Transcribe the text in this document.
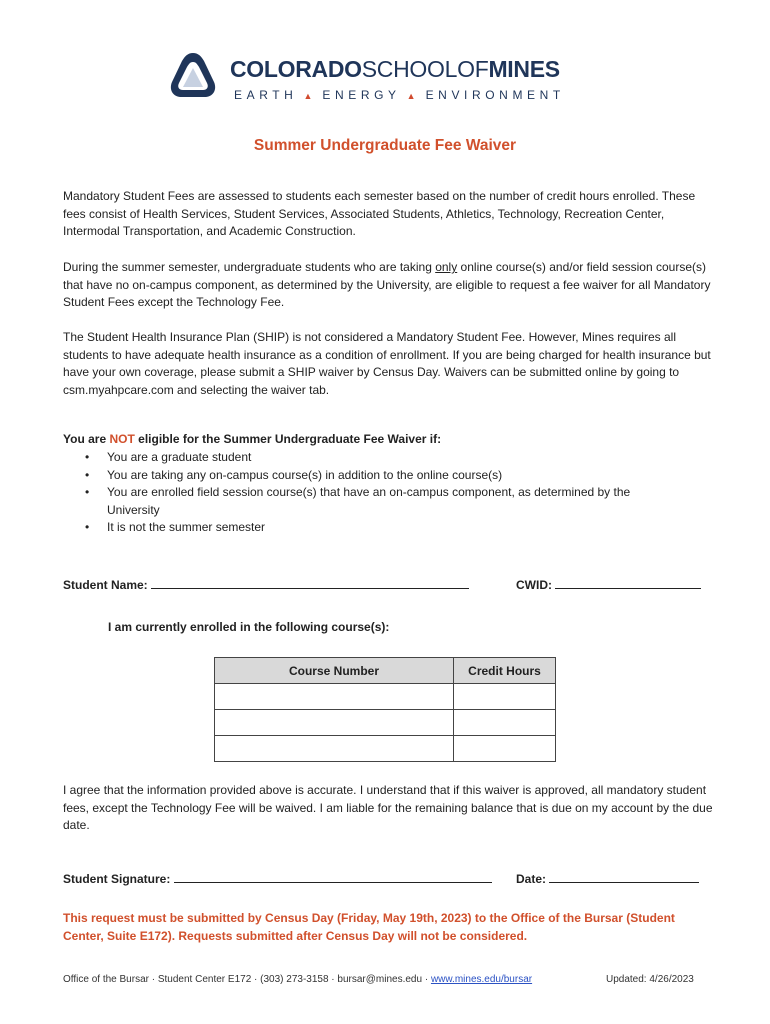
COLORADOSCHOOLOFMINES
EARTH ▲ ENERGY ▲ ENVIRONMENT
Summer Undergraduate Fee Waiver
Mandatory Student Fees are assessed to students each semester based on the number of credit hours enrolled. These fees consist of Health Services, Student Services, Associated Students, Athletics, Technology, Recreation Center, Intermodal Transportation, and Academic Construction.
During the summer semester, undergraduate students who are taking only online course(s) and/or field session course(s) that have no on-campus component, as determined by the University, are eligible to request a fee waiver for all Mandatory Student Fees except the Technology Fee.
The Student Health Insurance Plan (SHIP) is not considered a Mandatory Student Fee. However, Mines requires all students to have adequate health insurance as a condition of enrollment. If you are being charged for health insurance but have your own coverage, please submit a SHIP waiver by Census Day. Waivers can be submitted online by going to csm.myahpcare.com and selecting the waiver tab.
You are NOT eligible for the Summer Undergraduate Fee Waiver if:
• You are a graduate student
• You are taking any on-campus course(s) in addition to the online course(s)
• You are enrolled field session course(s) that have an on-campus component, as determined by the University
• It is not the summer semester
Student Name:	CWID:
I am currently enrolled in the following course(s):
Course Number	Credit Hours

I agree that the information provided above is accurate. I understand that if this waiver is approved, all mandatory student fees, except the Technology Fee will be waived. I am liable for the remaining balance that is due on my account by the due date.
Student Signature:	Date:
This request must be submitted by Census Day (Friday, May 19th, 2023) to the Office of the Bursar (Student Center, Suite E172). Requests submitted after Census Day will not be considered.
Office of the Bursar · Student Center E172 · (303) 273-3158 · bursar@mines.edu · www.mines.edu/bursar	Updated: 4/26/2023
